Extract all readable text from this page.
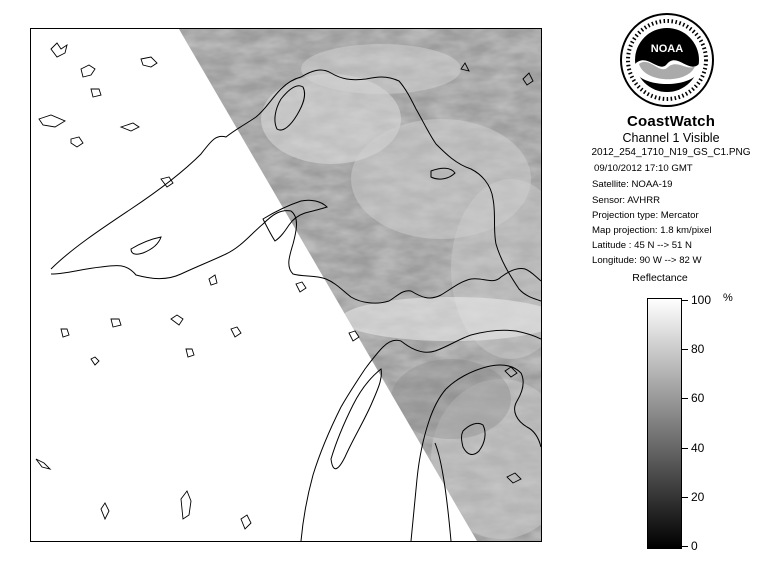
NOAA
CoastWatch
Channel 1 Visible
2012_254_1710_N19_GS_C1.PNG
09/10/2012 17:10 GMT
Satellite: NOAA-19
Sensor: AVHRR
Projection type: Mercator
Map projection: 1.8 km/pixel
Latitude : 45 N --> 51 N
Longitude: 90 W --> 82 W
Reflectance
%
100
80
60
40
20
0
